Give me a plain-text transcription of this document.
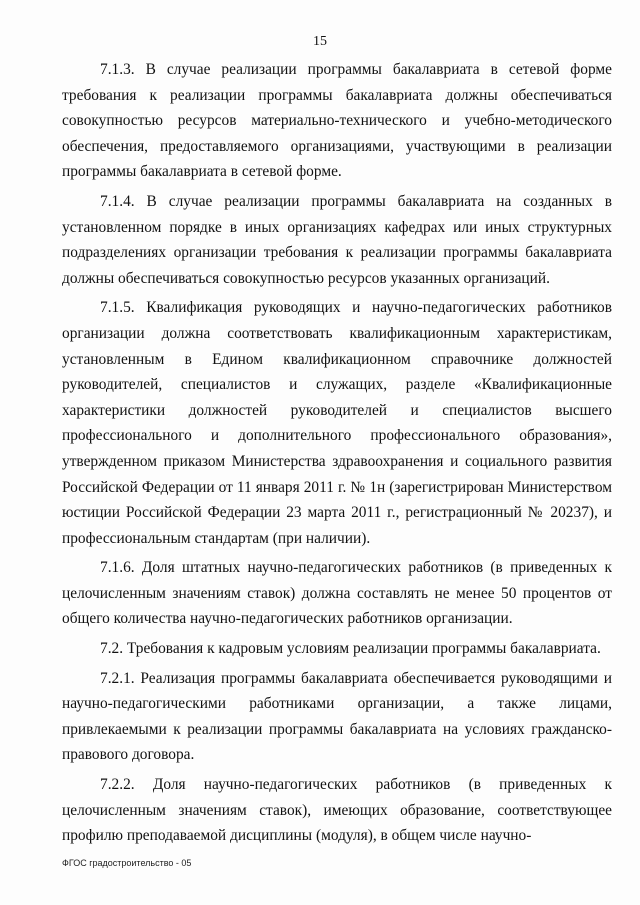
15

7.1.3. В случае реализации программы бакалавриата в сетевой форме требования к реализации программы бакалавриата должны обеспечиваться совокупностью ресурсов материально-технического и учебно-методического обеспечения, предоставляемого организациями, участвующими в реализации программы бакалавриата в сетевой форме.

7.1.4. В случае реализации программы бакалавриата на созданных в установленном порядке в иных организациях кафедрах или иных структурных подразделениях организации требования к реализации программы бакалавриата должны обеспечиваться совокупностью ресурсов указанных организаций.

7.1.5. Квалификация руководящих и научно-педагогических работников организации должна соответствовать квалификационным характеристикам, установленным в Едином квалификационном справочнике должностей руководителей, специалистов и служащих, разделе «Квалификационные характеристики должностей руководителей и специалистов высшего профессионального и дополнительного профессионального образования», утвержденном приказом Министерства здравоохранения и социального развития Российской Федерации от 11 января 2011 г. № 1н (зарегистрирован Министерством юстиции Российской Федерации 23 марта 2011 г., регистрационный № 20237), и профессиональным стандартам (при наличии).

7.1.6. Доля штатных научно-педагогических работников (в приведенных к целочисленным значениям ставок) должна составлять не менее 50 процентов от общего количества научно-педагогических работников организации.

7.2. Требования к кадровым условиям реализации программы бакалавриата.

7.2.1. Реализация программы бакалавриата обеспечивается руководящими и научно-педагогическими работниками организации, а также лицами, привлекаемыми к реализации программы бакалавриата на условиях гражданско-правового договора.

7.2.2. Доля научно-педагогических работников (в приведенных к целочисленным значениям ставок), имеющих образование, соответствующее профилю преподаваемой дисциплины (модуля), в общем числе научно-

ФГОС градостроительство - 05
